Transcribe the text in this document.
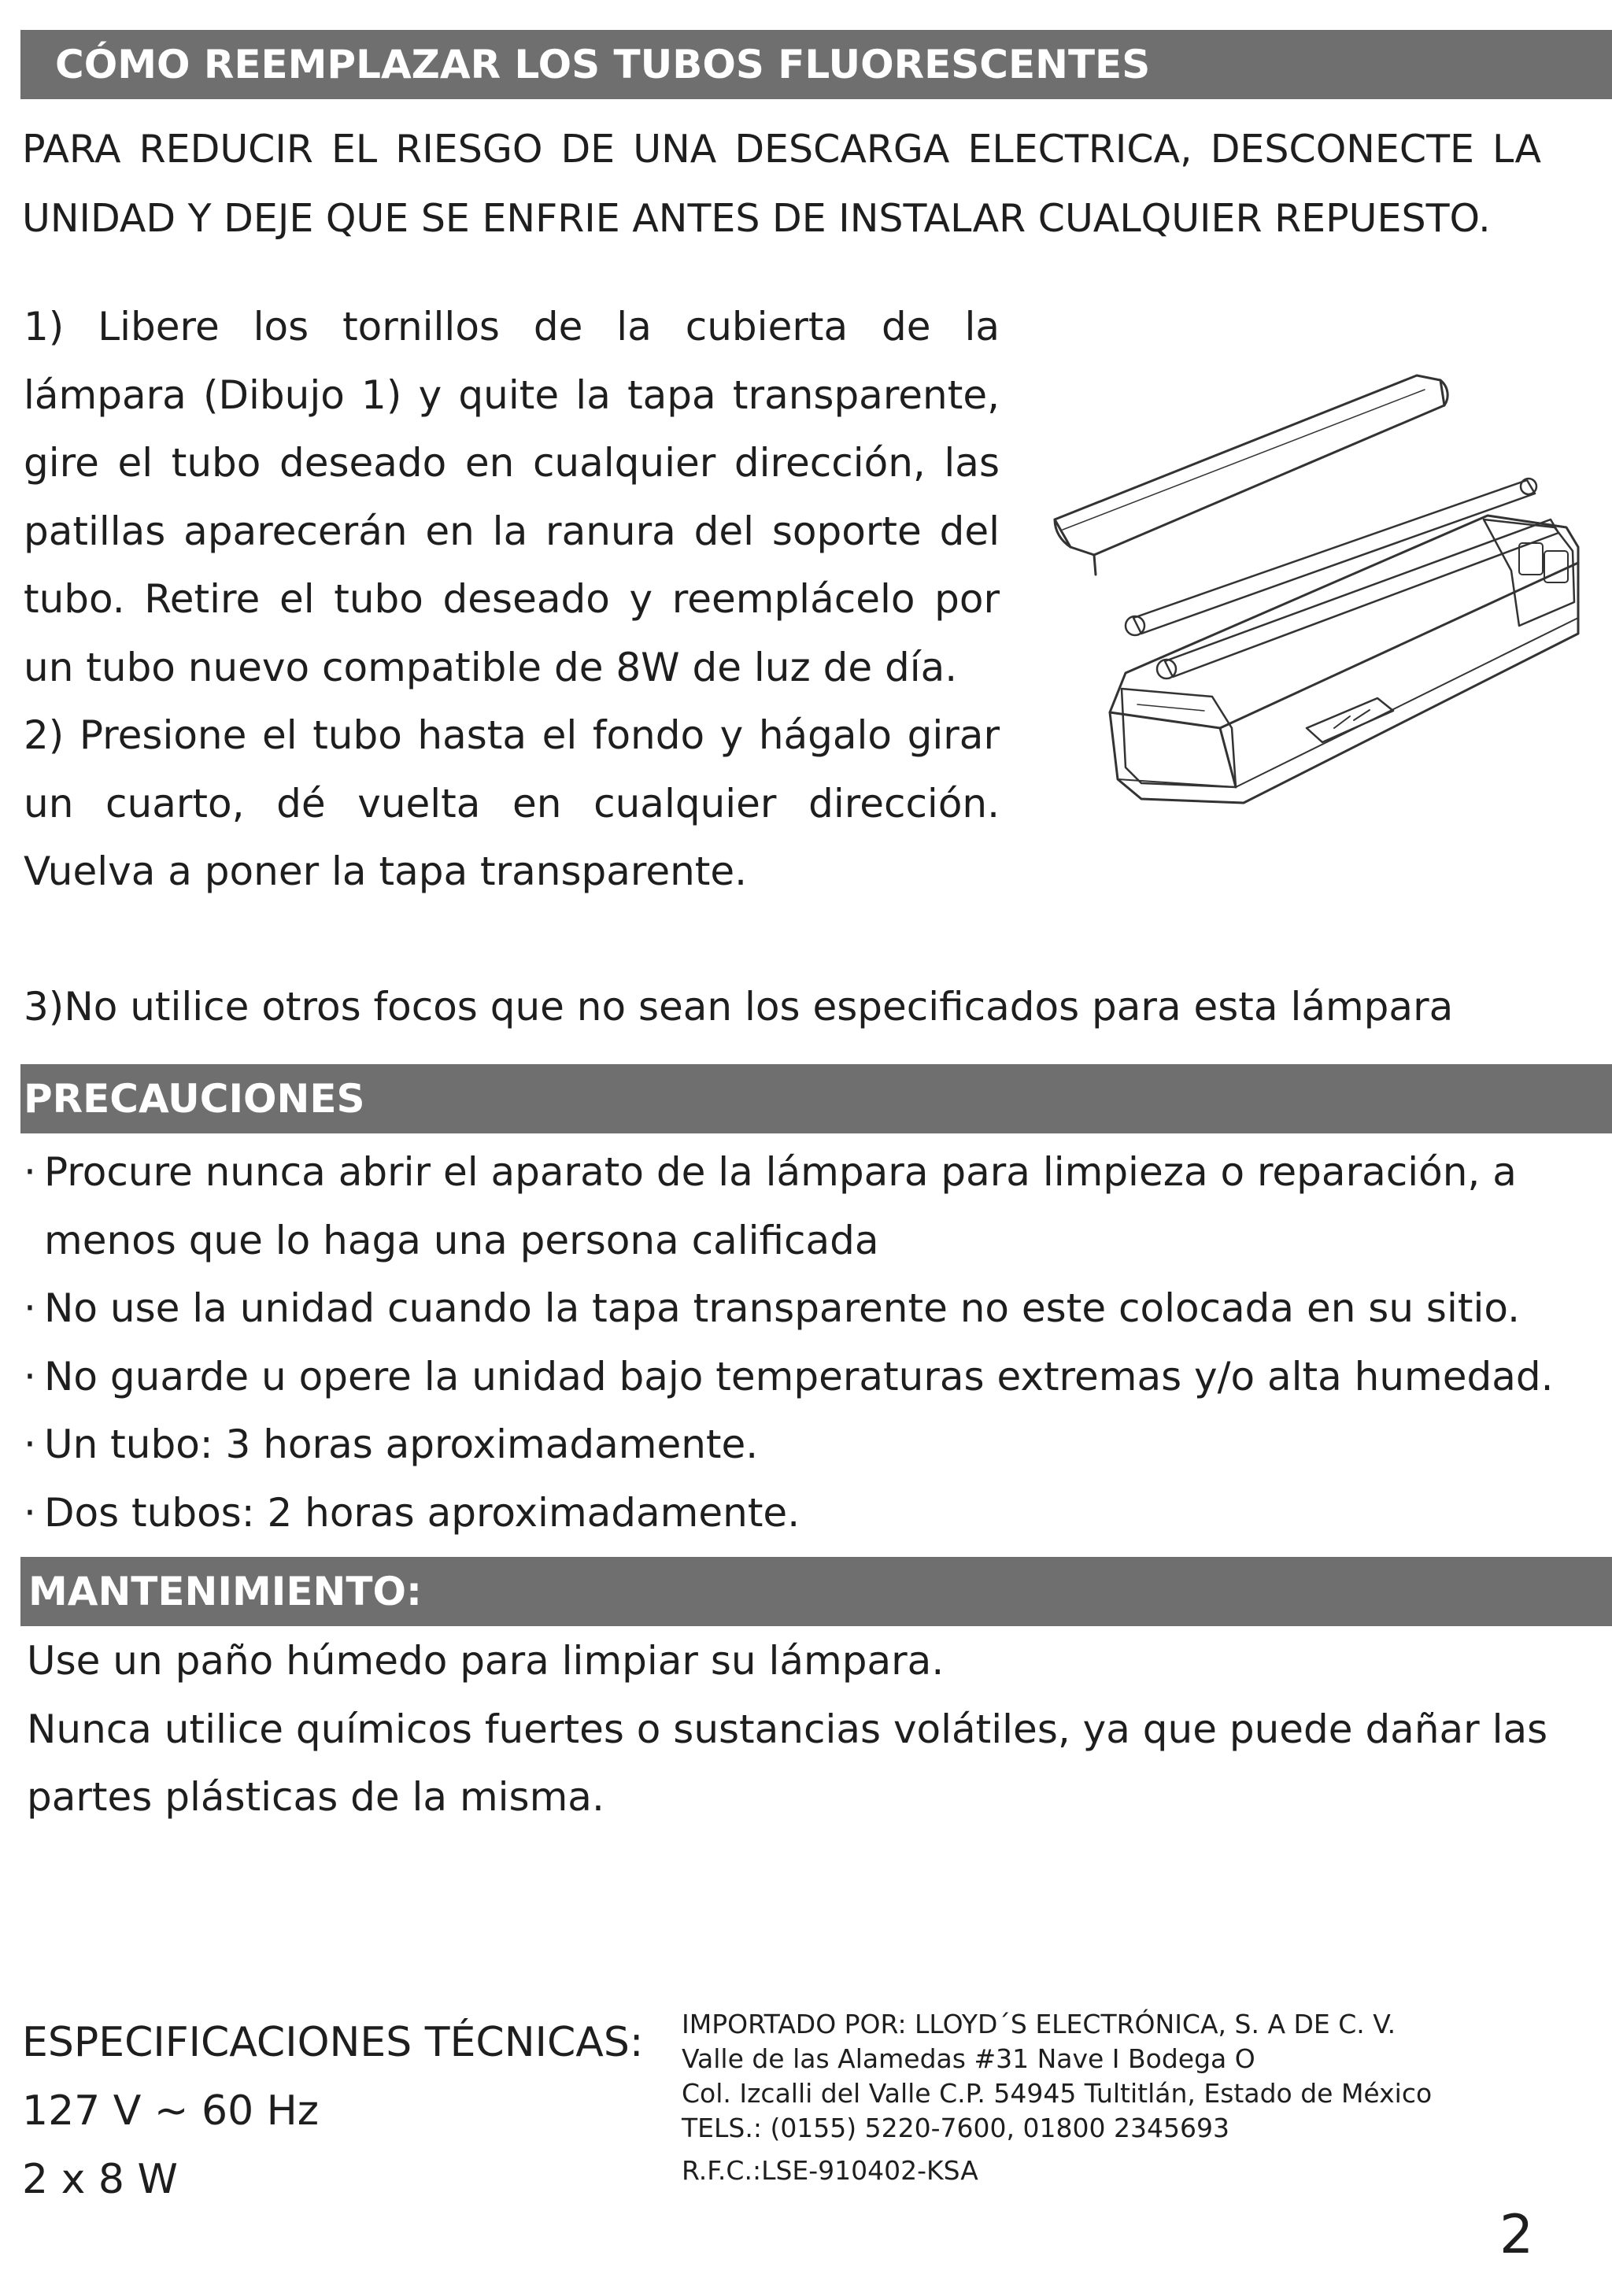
CÓMO REEMPLAZAR LOS TUBOS FLUORESCENTES
PARA REDUCIR EL RIESGO DE UNA DESCARGA ELECTRICA, DESCONECTE LA
UNIDAD Y DEJE QUE SE ENFRIE ANTES DE INSTALAR CUALQUIER REPUESTO.

1) Libere los tornillos de la cubierta de la lámpara (Dibujo 1) y quite la tapa transparente, gire el tubo deseado en cualquier dirección, las patillas aparecerán en la ranura del soporte del tubo. Retire el tubo deseado y reemplácelo por un tubo nuevo compatible de 8W de luz de día.

2) Presione el tubo hasta el fondo y hágalo girar un cuarto, dé vuelta en cualquier dirección. Vuelva a poner la tapa transparente.

3)No utilice otros focos que no sean los especificados para esta lámpara
PRECAUCIONES
· Procure nunca abrir el aparato de la lámpara para limpieza o reparación, a menos que lo haga una persona calificada
· No use la unidad cuando la tapa transparente no este colocada en su sitio.
· No guarde u opere la unidad bajo temperaturas extremas y/o alta humedad.
· Un tubo: 3 horas aproximadamente.
· Dos tubos: 2 horas aproximadamente.
MANTENIMIENTO:

Use un paño húmedo para limpiar su lámpara.

Nunca utilice químicos fuertes o sustancias volátiles, ya que puede dañar las partes plásticas de la misma.

ESPECIFICACIONES TÉCNICAS:
127 V ~ 60 Hz
2 x 8 W
IMPORTADO POR: LLOYD´S ELECTRÓNICA, S. A DE C. V.
Valle de las Alamedas #31 Nave I Bodega O
Col. Izcalli del Valle C.P. 54945 Tultitlán, Estado de México
TELS.: (0155) 5220-7600, 01800 2345693
R.F.C.:LSE-910402-KSA
2
